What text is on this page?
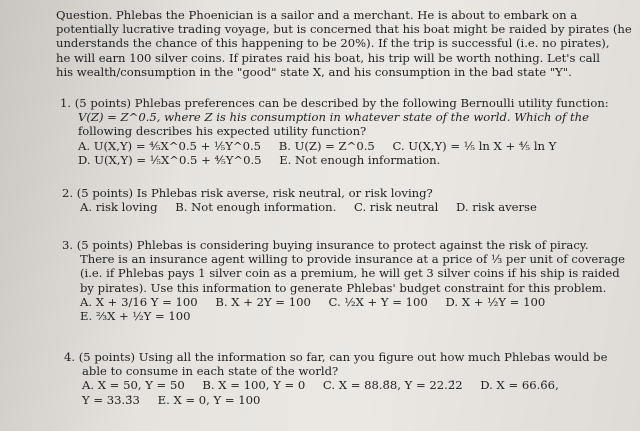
Question. Phlebas the Phoenician is a sailor and a merchant. He is about to embark on a
potentially lucrative trading voyage, but is concerned that his boat might be raided by pirates (he
understands the chance of this happening to be 20%). If the trip is successful (i.e. no pirates),
he will earn 100 silver coins. If pirates raid his boat, his trip will be worth nothing. Let's call
his wealth/consumption in the "good" state X, and his consumption in the bad state "Y".
1. (5 points) Phlebas preferences can be described by the following Bernoulli utility function:
V(Z) = Z^0.5, where Z is his consumption in whatever state of the world. Which of the
following describes his expected utility function?
A. U(X,Y) = ⅘X^0.5 + ⅕Y^0.5 B. U(Z) = Z^0.5 C. U(X,Y) = ⅕ ln X + ⅘ ln Y
D. U(X,Y) = ⅕X^0.5 + ⅘Y^0.5 E. Not enough information.
2. (5 points) Is Phlebas risk averse, risk neutral, or risk loving?
A. risk loving B. Not enough information. C. risk neutral D. risk averse
3. (5 points) Phlebas is considering buying insurance to protect against the risk of piracy.
There is an insurance agent willing to provide insurance at a price of ⅓ per unit of coverage
(i.e. if Phlebas pays 1 silver coin as a premium, he will get 3 silver coins if his ship is raided
by pirates). Use this information to generate Phlebas' budget constraint for this problem.
A. X + 3/16 Y = 100 B. X + 2Y = 100 C. ½X + Y = 100 D. X + ½Y = 100
E. ⅔X + ½Y = 100
4. (5 points) Using all the information so far, can you figure out how much Phlebas would be
able to consume in each state of the world?
A. X = 50, Y = 50 B. X = 100, Y = 0 C. X = 88.8̄8, Y = 22.2̄2 D. X = 66.6̄6,
Y = 33.3̄3 E. X = 0, Y = 100
